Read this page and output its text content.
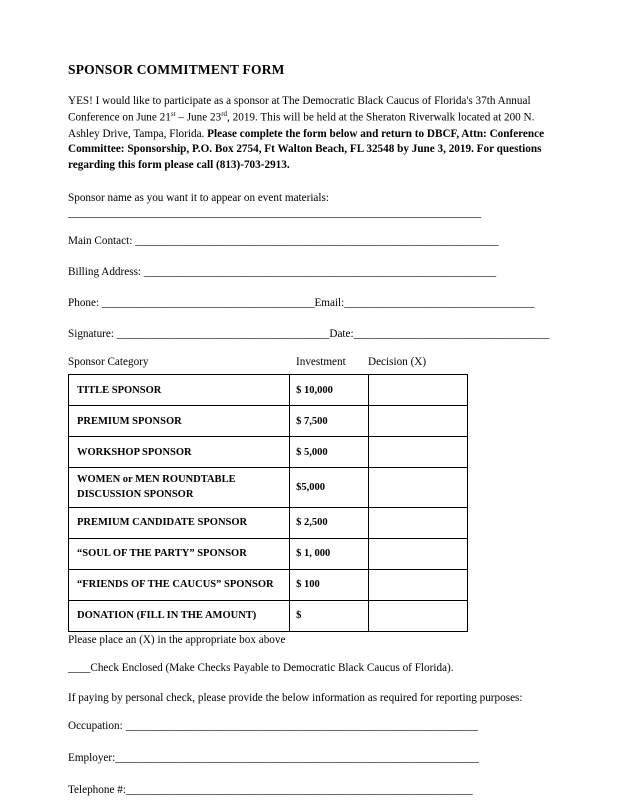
SPONSOR COMMITMENT FORM

YES! I would like to participate as a sponsor at The Democratic Black Caucus of Florida's 37th Annual Conference on June 21st – June 23rd, 2019. This will be held at the Sheraton Riverwalk located at 200 N. Ashley Drive, Tampa, Florida. Please complete the form below and return to DBCF, Attn: Conference Committee: Sponsorship, P.O. Box 2754, Ft Walton Beach, FL 32548 by June 3, 2019. For questions regarding this form please call (813)-703-2913.

Sponsor name as you want it to appear on event materials:
______________________________________________________________________________
Main Contact: _________________________________________________________________
Billing Address: _______________________________________________________________
Phone: ______________________________________Email:__________________________________
Signature: ______________________________________Date:___________________________________
Sponsor Category	Investment	Decision (X)
TITLE SPONSOR	$ 10,000	
PREMIUM SPONSOR	$ 7,500	
WORKSHOP SPONSOR	$ 5,000	
WOMEN or MEN ROUNDTABLE DISCUSSION SPONSOR	$5,000	
PREMIUM CANDIDATE SPONSOR	$ 2,500	
“SOUL OF THE PARTY” SPONSOR	$ 1, 000	
“FRIENDS OF THE CAUCUS” SPONSOR	$ 100	
DONATION (FILL IN THE AMOUNT)	$	
Please place an (X) in the appropriate box above
____Check Enclosed (Make Checks Payable to Democratic Black Caucus of Florida).
If paying by personal check, please provide the below information as required for reporting purposes:
Occupation: _______________________________________________________________
Employer:_________________________________________________________________
Telephone #:______________________________________________________________
